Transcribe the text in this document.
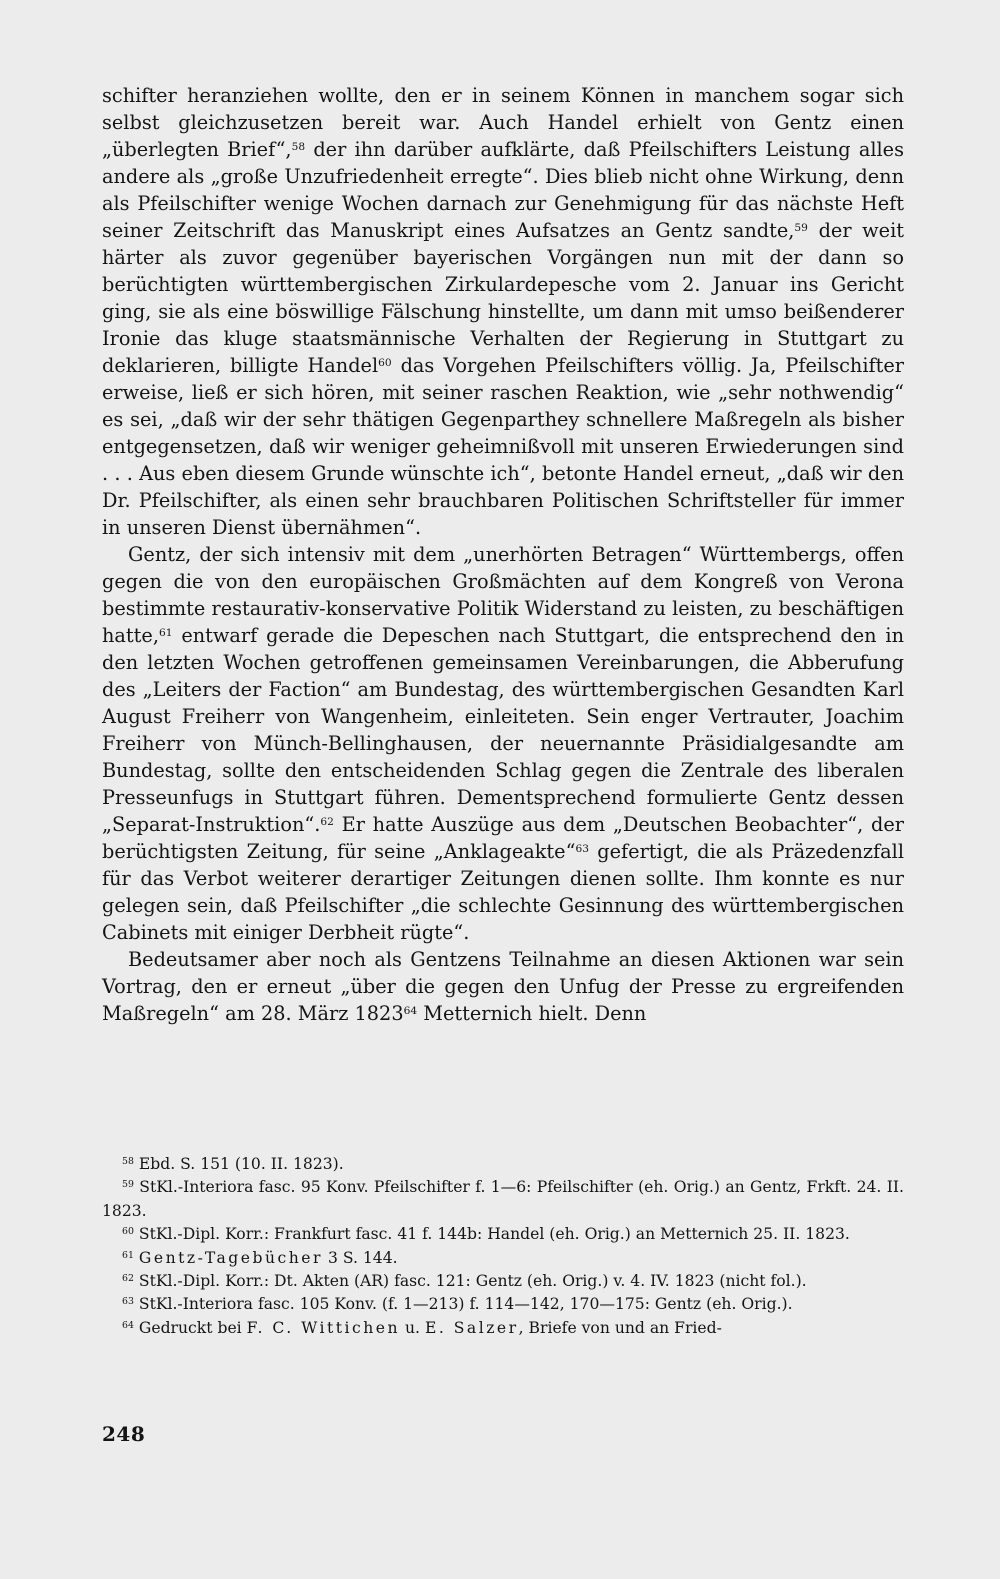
schifter heranziehen wollte, den er in seinem Können in manchem sogar sich selbst gleichzusetzen bereit war. Auch Handel erhielt von Gentz einen „überlegten Brief“,$^{58}$ der ihn darüber aufklärte, daß Pfeilschifters Leistung alles andere als „große Unzufriedenheit erregte“. Dies blieb nicht ohne Wirkung, denn als Pfeilschifter wenige Wochen darnach zur Genehmigung für das nächste Heft seiner Zeitschrift das Manuskript eines Aufsatzes an Gentz sandte,$^{59}$ der weit härter als zuvor gegenüber bayerischen Vorgängen nun mit der dann so berüchtigten württembergischen Zirkulardepesche vom 2. Januar ins Gericht ging, sie als eine böswillige Fälschung hinstellte, um dann mit umso beißenderer Ironie das kluge staatsmännische Verhalten der Regierung in Stuttgart zu deklarieren, billigte Handel$^{60}$ das Vorgehen Pfeilschifters völlig. Ja, Pfeilschifter erweise, ließ er sich hören, mit seiner raschen Reaktion, wie „sehr nothwendig“ es sei, „daß wir der sehr thätigen Gegenparthey schnellere Maßregeln als bisher entgegensetzen, daß wir weniger geheimnißvoll mit unseren Erwiederungen sind . . . Aus eben diesem Grunde wünschte ich“, betonte Handel erneut, „daß wir den Dr. Pfeilschifter, als einen sehr brauchbaren Politischen Schriftsteller für immer in unseren Dienst übernähmen“.

Gentz, der sich intensiv mit dem „unerhörten Betragen“ Württembergs, offen gegen die von den europäischen Großmächten auf dem Kongreß von Verona bestimmte restaurativ-konservative Politik Widerstand zu leisten, zu beschäftigen hatte,$^{61}$ entwarf gerade die Depeschen nach Stuttgart, die entsprechend den in den letzten Wochen getroffenen gemeinsamen Vereinbarungen, die Abberufung des „Leiters der Faction“ am Bundestag, des württembergischen Gesandten Karl August Freiherr von Wangenheim, einleiteten. Sein enger Vertrauter, Joachim Freiherr von Münch-Bellinghausen, der neuernannte Präsidialgesandte am Bundestag, sollte den entscheidenden Schlag gegen die Zentrale des liberalen Presseunfugs in Stuttgart führen. Dementsprechend formulierte Gentz dessen „Separat-Instruktion“.$^{62}$ Er hatte Auszüge aus dem „Deutschen Beobachter“, der berüchtigsten Zeitung, für seine „Anklageakte“$^{63}$ gefertigt, die als Präzedenzfall für das Verbot weiterer derartiger Zeitungen dienen sollte. Ihm konnte es nur gelegen sein, daß Pfeilschifter „die schlechte Gesinnung des württembergischen Cabinets mit einiger Derbheit rügte“.

Bedeutsamer aber noch als Gentzens Teilnahme an diesen Aktionen war sein Vortrag, den er erneut „über die gegen den Unfug der Presse zu ergreifenden Maßregeln“ am 28. März 1823$^{64}$ Metternich hielt. Denn

$^{58}$ Ebd. S. 151 (10. II. 1823).

$^{59}$ StKl.-Interiora fasc. 95 Konv. Pfeilschifter f. 1—6: Pfeilschifter (eh. Orig.) an Gentz, Frkft. 24. II. 1823.

$^{60}$ StKl.-Dipl. Korr.: Frankfurt fasc. 41 f. 144b: Handel (eh. Orig.) an Metternich 25. II. 1823.

$^{61}$ Gentz-Tagebücher 3 S. 144.

$^{62}$ StKl.-Dipl. Korr.: Dt. Akten (AR) fasc. 121: Gentz (eh. Orig.) v. 4. IV. 1823 (nicht fol.).

$^{63}$ StKl.-Interiora fasc. 105 Konv. (f. 1—213) f. 114—142, 170—175: Gentz (eh. Orig.).

$^{64}$ Gedruckt bei F. C. Wittichen u. E. Salzer, Briefe von und an Fried-

248
